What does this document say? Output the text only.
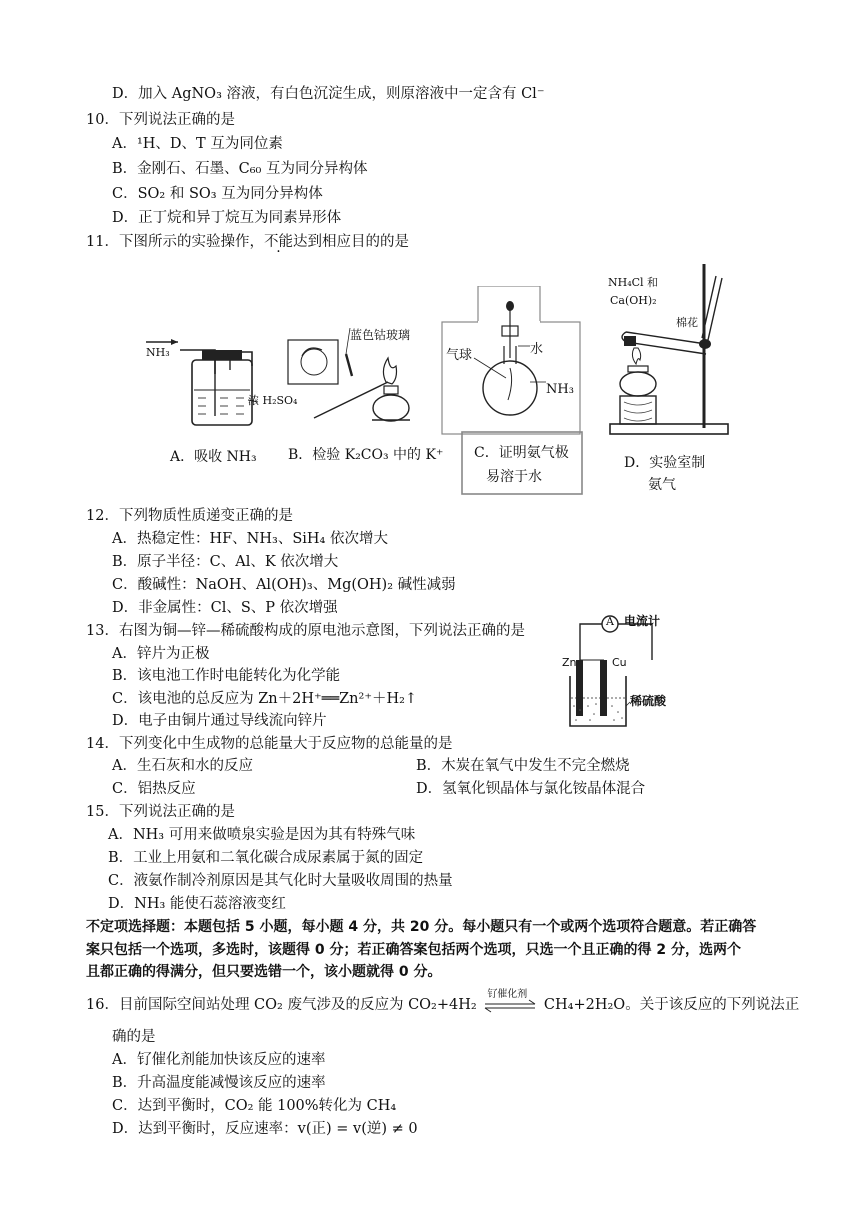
D．加入 AgNO₃ 溶液，有白色沉淀生成，则原溶液中一定含有 Cl⁻
10．下列说法正确的是
A．¹H、D、T 互为同位素
B．金刚石、石墨、C₆₀ 互为同分异构体
C．SO₂ 和 SO₃ 互为同分异构体
D．正丁烷和异丁烷互为同素异形体
11．下图所示的实验操作，不能达到相应目的的是
NH₃
浓 H₂SO₄
A．吸收 NH₃
蓝色钴玻璃
B．检验 K₂CO₃ 中的 K⁺
气球	水
NH₃
C．证明氨气极
易溶于水
NH₄Cl 和
Ca(OH)₂
棉花
D．实验室制
氨气
12．下列物质性质递变正确的是
A．热稳定性：HF、NH₃、SiH₄ 依次增大
B．原子半径：C、Al、K 依次增大
C．酸碱性：NaOH、Al(OH)₃、Mg(OH)₂ 碱性减弱
D．非金属性：Cl、S、P 依次增强
13．右图为铜—锌—稀硫酸构成的原电池示意图，下列说法正确的是
A．锌片为正极
B．该电池工作时电能转化为化学能
C．该电池的总反应为 Zn＋2H⁺══Zn²⁺＋H₂↑
D．电子由铜片通过导线流向锌片
A 电流计
Zn	Cu
稀硫酸
14．下列变化中生成物的总能量大于反应物的总能量的是
A．生石灰和水的反应	B．木炭在氧气中发生不完全燃烧
C．铝热反应	D．氢氧化钡晶体与氯化铵晶体混合
15．下列说法正确的是
A．NH₃ 可用来做喷泉实验是因为其有特殊气味
B．工业上用氨和二氧化碳合成尿素属于氮的固定
C．液氨作制冷剂原因是其气化时大量吸收周围的热量
D．NH₃ 能使石蕊溶液变红
不定项选择题：本题包括 5 小题，每小题 4 分，共 20 分。每小题只有一个或两个选项符合题意。若正确答
案只包括一个选项，多选时，该题得 0 分；若正确答案包括两个选项，只选一个且正确的得 2 分，选两个
且都正确的得满分，但只要选错一个，该小题就得 0 分。
16．目前国际空间站处理 CO₂ 废气涉及的反应为 CO₂+4H₂
钌催化剂
CH₄+2H₂O。关于该反应的下列说法正
确的是
A．钌催化剂能加快该反应的速率
B．升高温度能减慢该反应的速率
C．达到平衡时，CO₂ 能 100%转化为 CH₄
D．达到平衡时，反应速率：v(正) = v(逆) ≠ 0
